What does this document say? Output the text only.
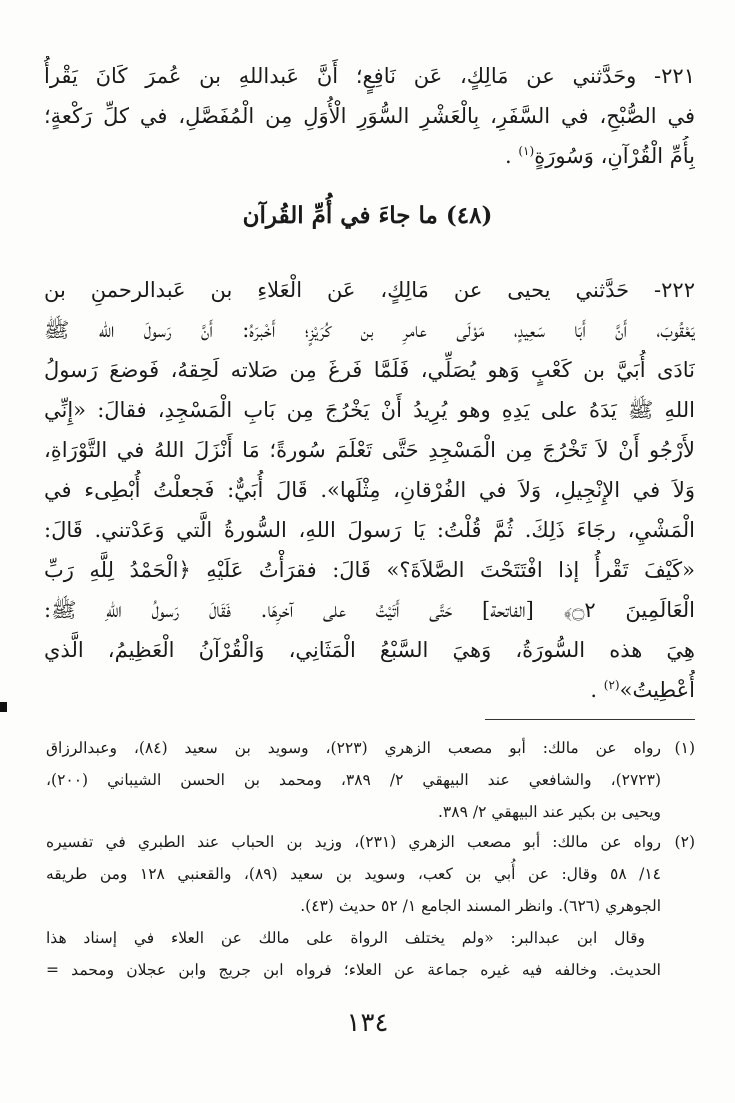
٢٢١- وحَدَّثني عن مَالِكٍ، عَن نَافِعٍ؛ أَنَّ عَبداللهِ بن عُمرَ كَانَ يَقْرأُ
في الصُّبْحِ، في السَّفَرِ، بِالْعَشْرِ السُّوَرِ الْأُوَلِ مِن الْمُفَصَّلِ، في كلِّ رَكْعةٍ؛
بِأُمِّ الْقُرْآنِ، وَسُورَةٍ$^{(١)}$ .
(٤٨) ما جاءَ في أُمِّ القُرآن
٢٢٢- حَدَّثني يحيى عن مَالِكٍ، عَن الْعَلاءِ بن عَبدالرحمنِ بن
يَعْقُوبَ، أَنَّ أَبَا سَعِيدٍ، مَوْلَى عامرِ بن كُرَيْزٍ؛ أَخْبرَهُ: أَنَّ رَسولَ الله ﷺ
نَادَى أُبَيَّ بن كَعْبٍ وَهو يُصَلِّي، فَلَمَّا فَرغَ مِن صَلاته لَحِقهُ، فَوضعَ رَسولُ
اللهِ ﷺ يَدَهُ على يَدِهِ وهو يُرِيدُ أَنْ يَخْرُجَ مِن بَابِ الْمَسْجِدِ، فقالَ: «إِنِّي
لأَرْجُو أَنْ لاَ تَخْرُجَ مِن الْمَسْجِدِ حَتَّى تَعْلَمَ سُورةً؛ مَا أَنْزَلَ اللهُ في التَّوْرَاةِ،
وَلاَ في الإِنْجِيلِ، وَلاَ في الفُرْقانِ، مِثْلَها». قَالَ أُبَيٌّ: فَجعلْتُ أُبْطِىء في
الْمَشْيِ، رجَاءَ ذَلِكَ. ثُمَّ قُلْتُ: يَا رَسولَ اللهِ، السُّورةُ الَّتي وَعَدْتني. قَالَ:
«كَيْفَ تَقْرأُ إذا افْتَتَحْتَ الصَّلاَةَ؟» قَالَ: فقرَأْتُ عَلَيْهِ ﴿الْحَمْدُ لِلَّهِ رَبِّ
الْعَالَمِينَ ۝٢﴾ [الفاتحة] حَتَّى أَتَيْتُ على آخرِهَا. فَقَالَ رَسولُ اللهِ ﷺ:
هِيَ هذه السُّورَةُ، وَهيَ السَّبْعُ الْمَثَانِي، وَالْقُرْآنُ الْعَظِيمُ، الَّذي
أُعْطِيتُ»$^{(٢)}$ .
(١)
رواه عن مالك: أبو مصعب الزهري (٢٢٣)، وسويد بن سعيد (٨٤)، وعبدالرزاق
(٢٧٢٣)، والشافعي عند البيهقي ٢/ ٣٨٩، ومحمد بن الحسن الشيباني (٢٠٠)،
ويحيى بن بكير عند البيهقي ٢/ ٣٨٩.
(٢)
رواه عن مالك: أبو مصعب الزهري (٢٣١)، وزيد بن الحباب عند الطبري في تفسيره
١٤/ ٥٨ وقال: عن أُبي بن كعب، وسويد بن سعيد (٨٩)، والقعنبي ١٢٨ ومن طريقه
الجوهري (٦٢٦). وانظر المسند الجامع ١/ ٥٢ حديث (٤٣).
وقال ابن عبدالبر: «ولم يختلف الرواة على مالك عن العلاء في إسناد هذا
الحديث. وخالفه فيه غيره جماعة عن العلاء؛ فرواه ابن جريج وابن عجلان ومحمد =
١٣٤
